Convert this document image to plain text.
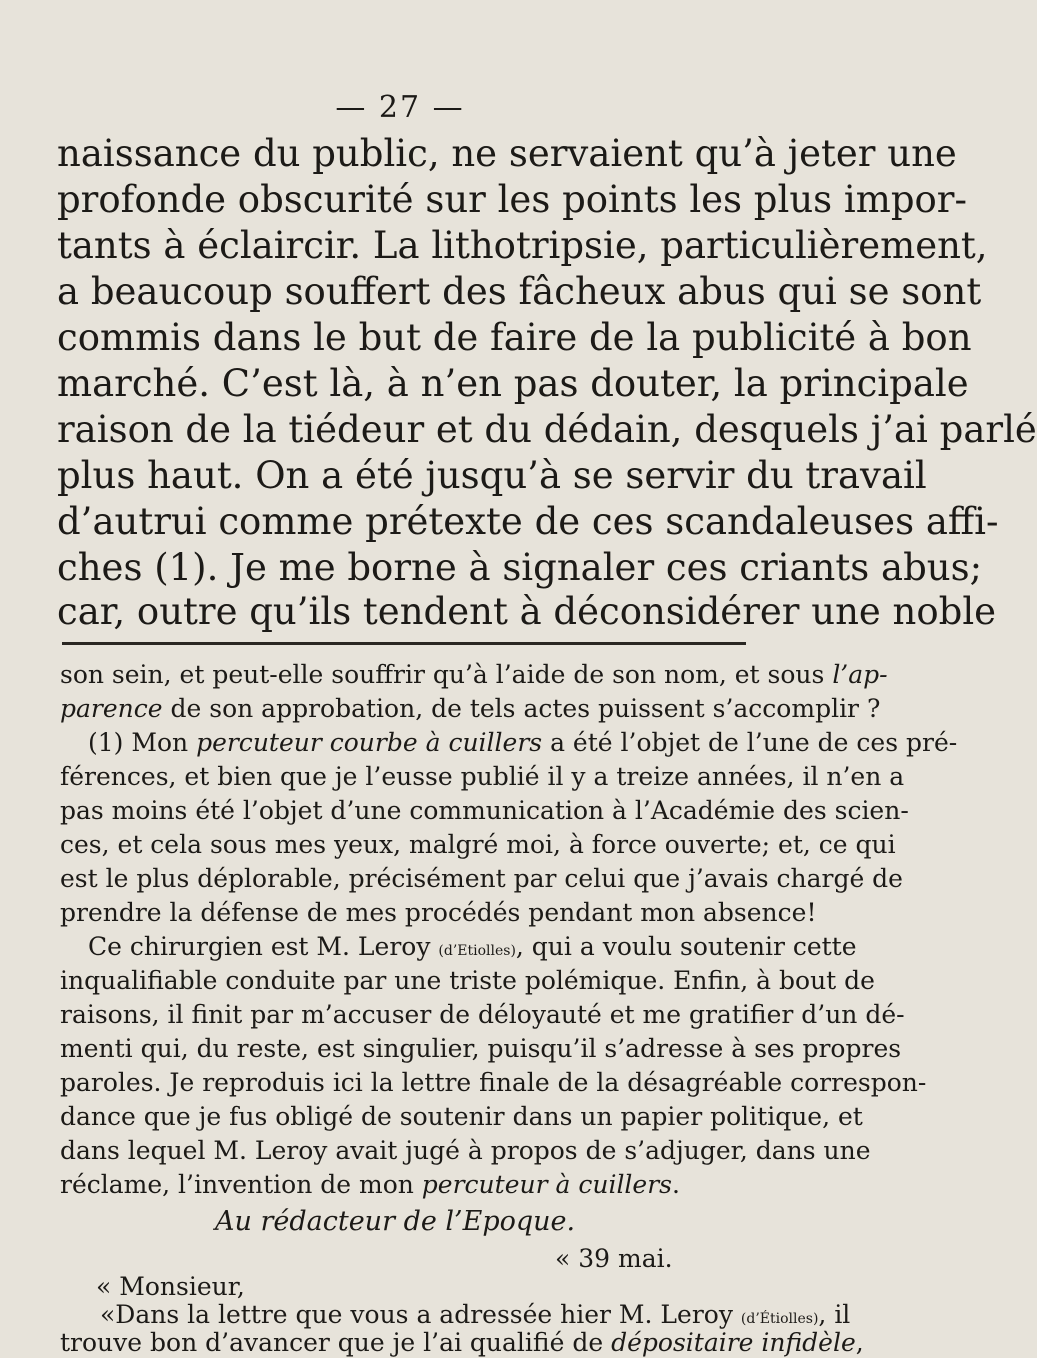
— 27 —
naissance du public, ne servaient qu’à jeter une
profonde obscurité sur les points les plus impor-
tants à éclaircir. La lithotripsie, particulièrement,
a beaucoup souffert des fâcheux abus qui se sont
commis dans le but de faire de la publicité à bon
marché. C’est là, à n’en pas douter, la principale
raison de la tiédeur et du dédain, desquels j’ai parlé
plus haut. On a été jusqu’à se servir du travail
d’autrui comme prétexte de ces scandaleuses affi-
ches (1). Je me borne à signaler ces criants abus;
car, outre qu’ils tendent à déconsidérer une noble
son sein, et peut-elle souffrir qu’à l’aide de son nom, et sous l’ap-
parence de son approbation, de tels actes puissent s’accomplir ?
(1) Mon percuteur courbe à cuillers a été l’objet de l’une de ces pré-
férences, et bien que je l’eusse publié il y a treize années, il n’en a
pas moins été l’objet d’une communication à l’Académie des scien-
ces, et cela sous mes yeux, malgré moi, à force ouverte; et, ce qui
est le plus déplorable, précisément par celui que j’avais chargé de
prendre la défense de mes procédés pendant mon absence!
Ce chirurgien est M. Leroy (d’Etiolles), qui a voulu soutenir cette
inqualifiable conduite par une triste polémique. Enfin, à bout de
raisons, il finit par m’accuser de déloyauté et me gratifier d’un dé-
menti qui, du reste, est singulier, puisqu’il s’adresse à ses propres
paroles. Je reproduis ici la lettre finale de la désagréable correspon-
dance que je fus obligé de soutenir dans un papier politique, et
dans lequel M. Leroy avait jugé à propos de s’adjuger, dans une
réclame, l’invention de mon percuteur à cuillers.
Au rédacteur de l’Epoque.
« 39 mai.
« Monsieur,
«Dans la lettre que vous a adressée hier M. Leroy (d’Étiolles), il
trouve bon d’avancer que je l’ai qualifié de dépositaire infidèle,
